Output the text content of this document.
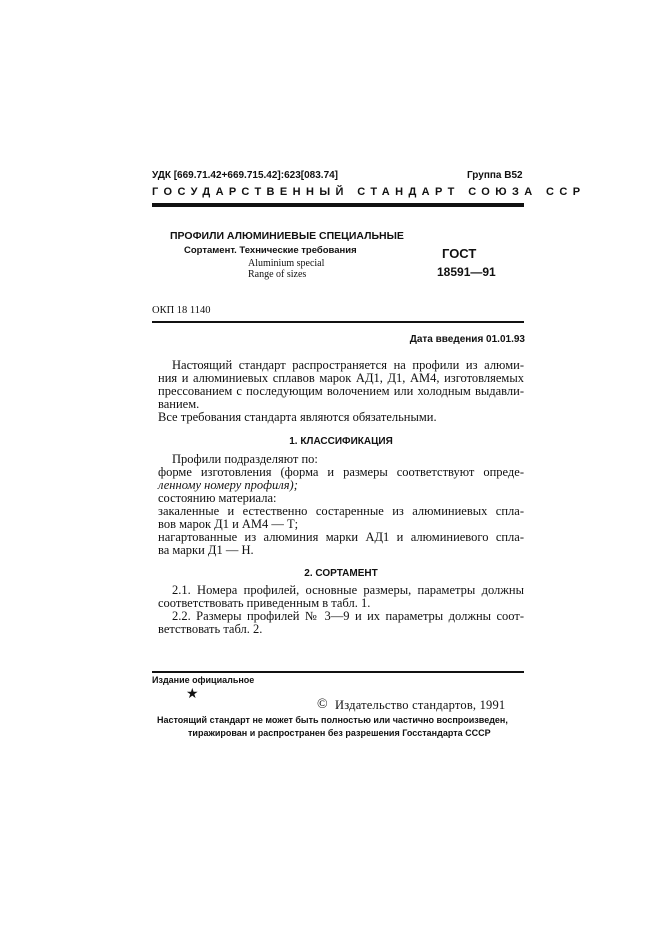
УДК [669.71.42+669.715.42]:623[083.74]	Группа В52
ГОСУДАРСТВЕННЫЙ СТАНДАРТ СОЮЗА ССР
ПРОФИЛИ АЛЮМИНИЕВЫЕ СПЕЦИАЛЬНЫЕ
Сортамент. Технические требования
Aluminium special
Range of sizes
ГОСТ
18591—91
ОКП 18 1140
Дата введения 01.01.93
Настоящий стандарт распространяется на профили из алюми-
ния и алюминиевых сплавов марок АД1, Д1, АМ4, изготовляемых
прессованием с последующим волочением или холодным выдавли-
ванием.
Все требования стандарта являются обязательными.
1. КЛАССИФИКАЦИЯ
Профили подразделяют по:
форме изготовления (форма и размеры соответствуют опреде-
ленному номеру профиля);
состоянию материала:
закаленные и естественно состаренные из алюминиевых спла-
вов марок Д1 и АМ4 — Т;
нагартованные из алюминия марки АД1 и алюминиевого спла-
ва марки Д1 — Н.
2. СОРТАМЕНТ
2.1. Номера профилей, основные размеры, параметры должны
соответствовать приведенным в табл. 1.
2.2. Размеры профилей № 3—9 и их параметры должны соот-
ветствовать табл. 2.
Издание официальное
★
© Издательство стандартов, 1991
Настоящий стандарт не может быть полностью или частично воспроизведен,
тиражирован и распространен без разрешения Госстандарта СССР
